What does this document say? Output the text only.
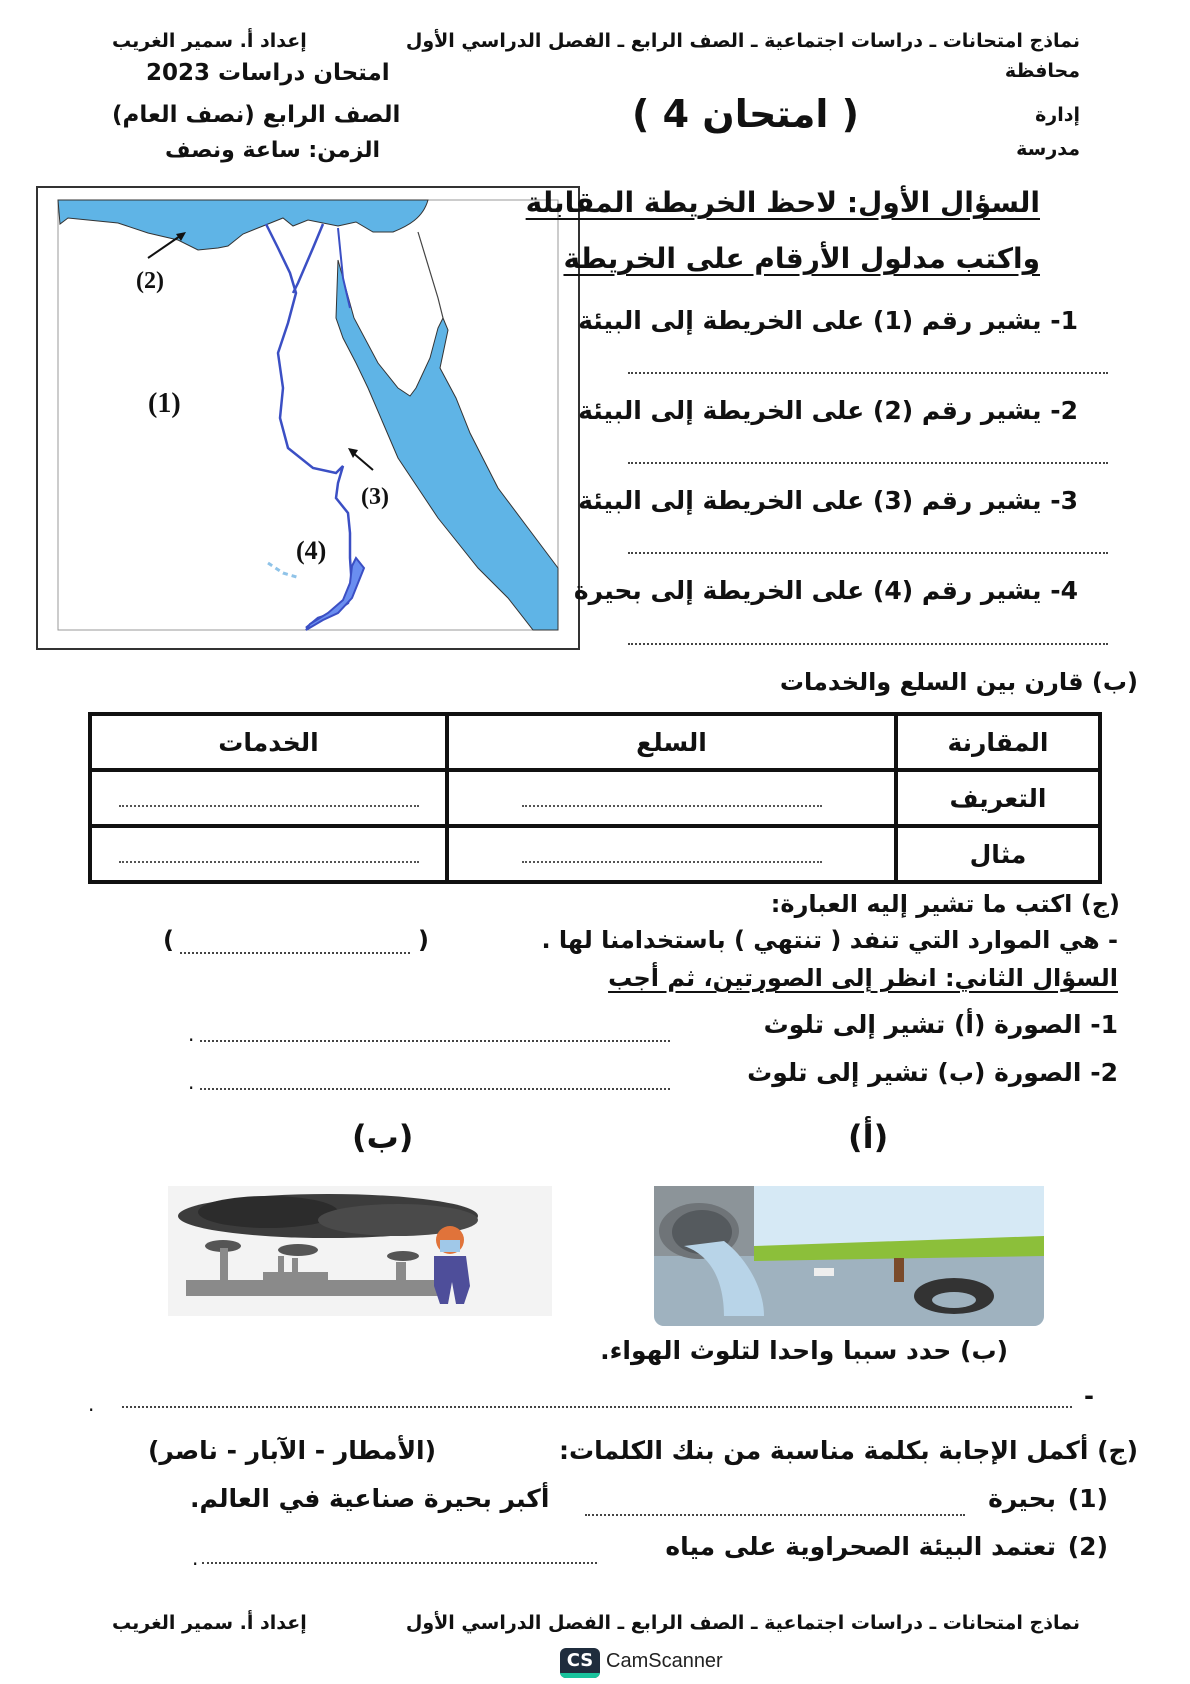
نماذج امتحانات ـ دراسات اجتماعية ـ الصف الرابع ـ الفصل الدراسي الأول
إعداد أ. سمير الغريب
محافظة
إدارة
مدرسة
امتحان دراسات 2023
الصف الرابع (نصف العام)
الزمن: ساعة ونصف
( امتحان 4 )
(2)
(1)
(3)
(4)
السؤال الأول: لاحظ الخريطة المقابلة
واكتب مدلول الأرقام على الخريطة
1- يشير رقم (1) على الخريطة إلى البيئة
2- يشير رقم (2) على الخريطة إلى البيئة
3- يشير رقم (3) على الخريطة إلى البيئة
4- يشير رقم (4) على الخريطة إلى بحيرة
(ب) قارن بين السلع والخدمات
المقارنة	السلع	الخدمات
التعريف		
مثال		
(ج) اكتب ما تشير إليه العبارة:
- هي الموارد التي تنفد ( تنتهي ) باستخدامنا لها .
(
)
السؤال الثاني: انظر إلى الصورتين، ثم أجب
1- الصورة (أ) تشير إلى تلوث
.
2- الصورة (ب) تشير إلى تلوث
.
(أ)
(ب)
(ب) حدد سببا واحدا لتلوث الهواء.
-
.
(ج) أكمل الإجابة بكلمة مناسبة من بنك الكلمات:
(الأمطار - الآبار - ناصر)
(1)
بحيرة
أكبر بحيرة صناعية في العالم.
(2)
تعتمد البيئة الصحراوية على مياه
.
نماذج امتحانات ـ دراسات اجتماعية ـ الصف الرابع ـ الفصل الدراسي الأول
إعداد أ. سمير الغريب
CS CamScanner
